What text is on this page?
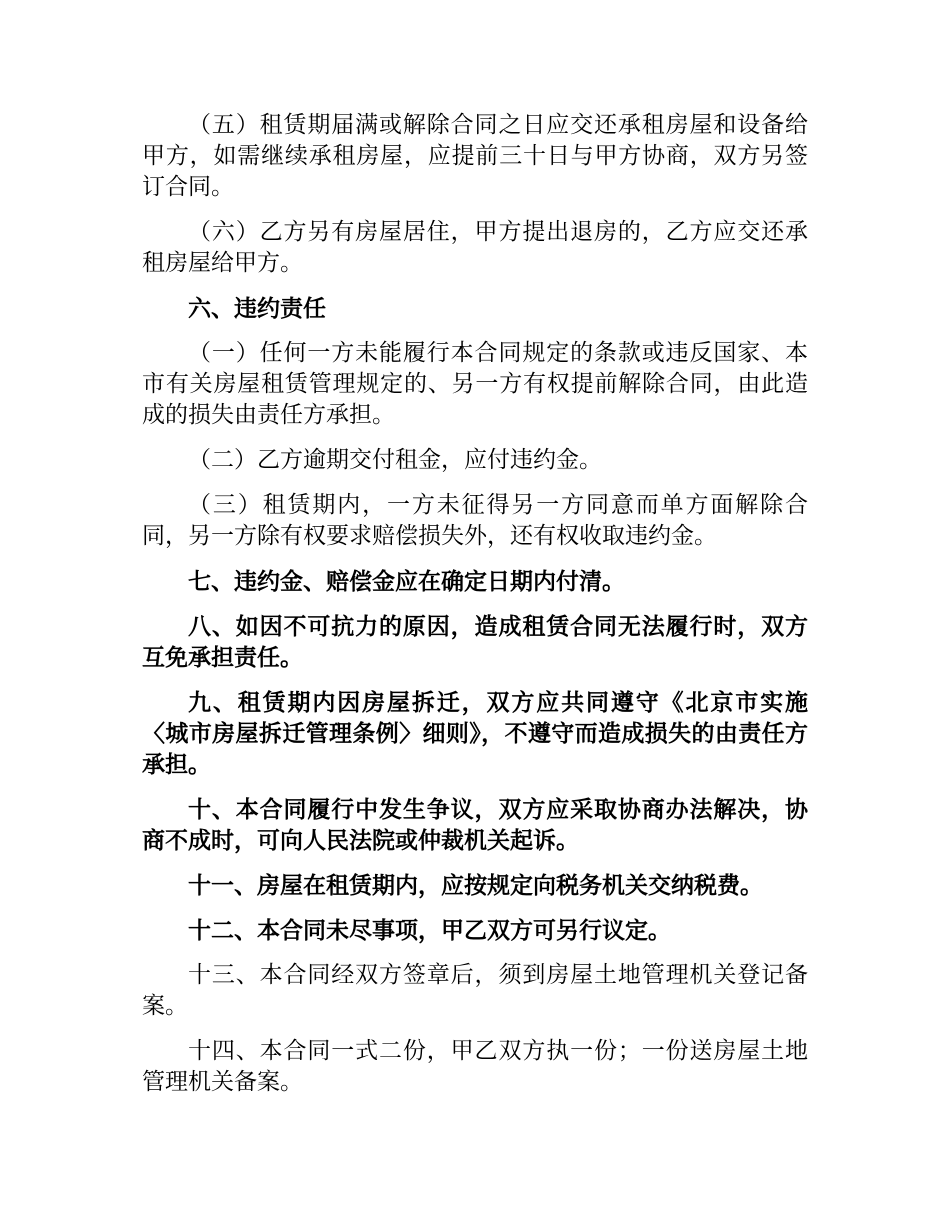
（五）租赁期届满或解除合同之日应交还承租房屋和设备给甲方，如需继续承租房屋，应提前三十日与甲方协商，双方另签订合同。

（六）乙方另有房屋居住，甲方提出退房的，乙方应交还承租房屋给甲方。

六、违约责任

（一）任何一方未能履行本合同规定的条款或违反国家、本市有关房屋租赁管理规定的、另一方有权提前解除合同，由此造成的损失由责任方承担。

（二）乙方逾期交付租金，应付违约金。

（三）租赁期内，一方未征得另一方同意而单方面解除合同，另一方除有权要求赔偿损失外，还有权收取违约金。

七、违约金、赔偿金应在确定日期内付清。

八、如因不可抗力的原因，造成租赁合同无法履行时，双方互免承担责任。

九、租赁期内因房屋拆迁，双方应共同遵守《北京市实施〈城市房屋拆迁管理条例〉细则》，不遵守而造成损失的由责任方承担。

十、本合同履行中发生争议，双方应采取协商办法解决，协商不成时，可向人民法院或仲裁机关起诉。

十一、房屋在租赁期内，应按规定向税务机关交纳税费。

十二、本合同未尽事项，甲乙双方可另行议定。

十三、本合同经双方签章后，须到房屋土地管理机关登记备案。

十四、本合同一式二份，甲乙双方执一份；一份送房屋土地管理机关备案。
